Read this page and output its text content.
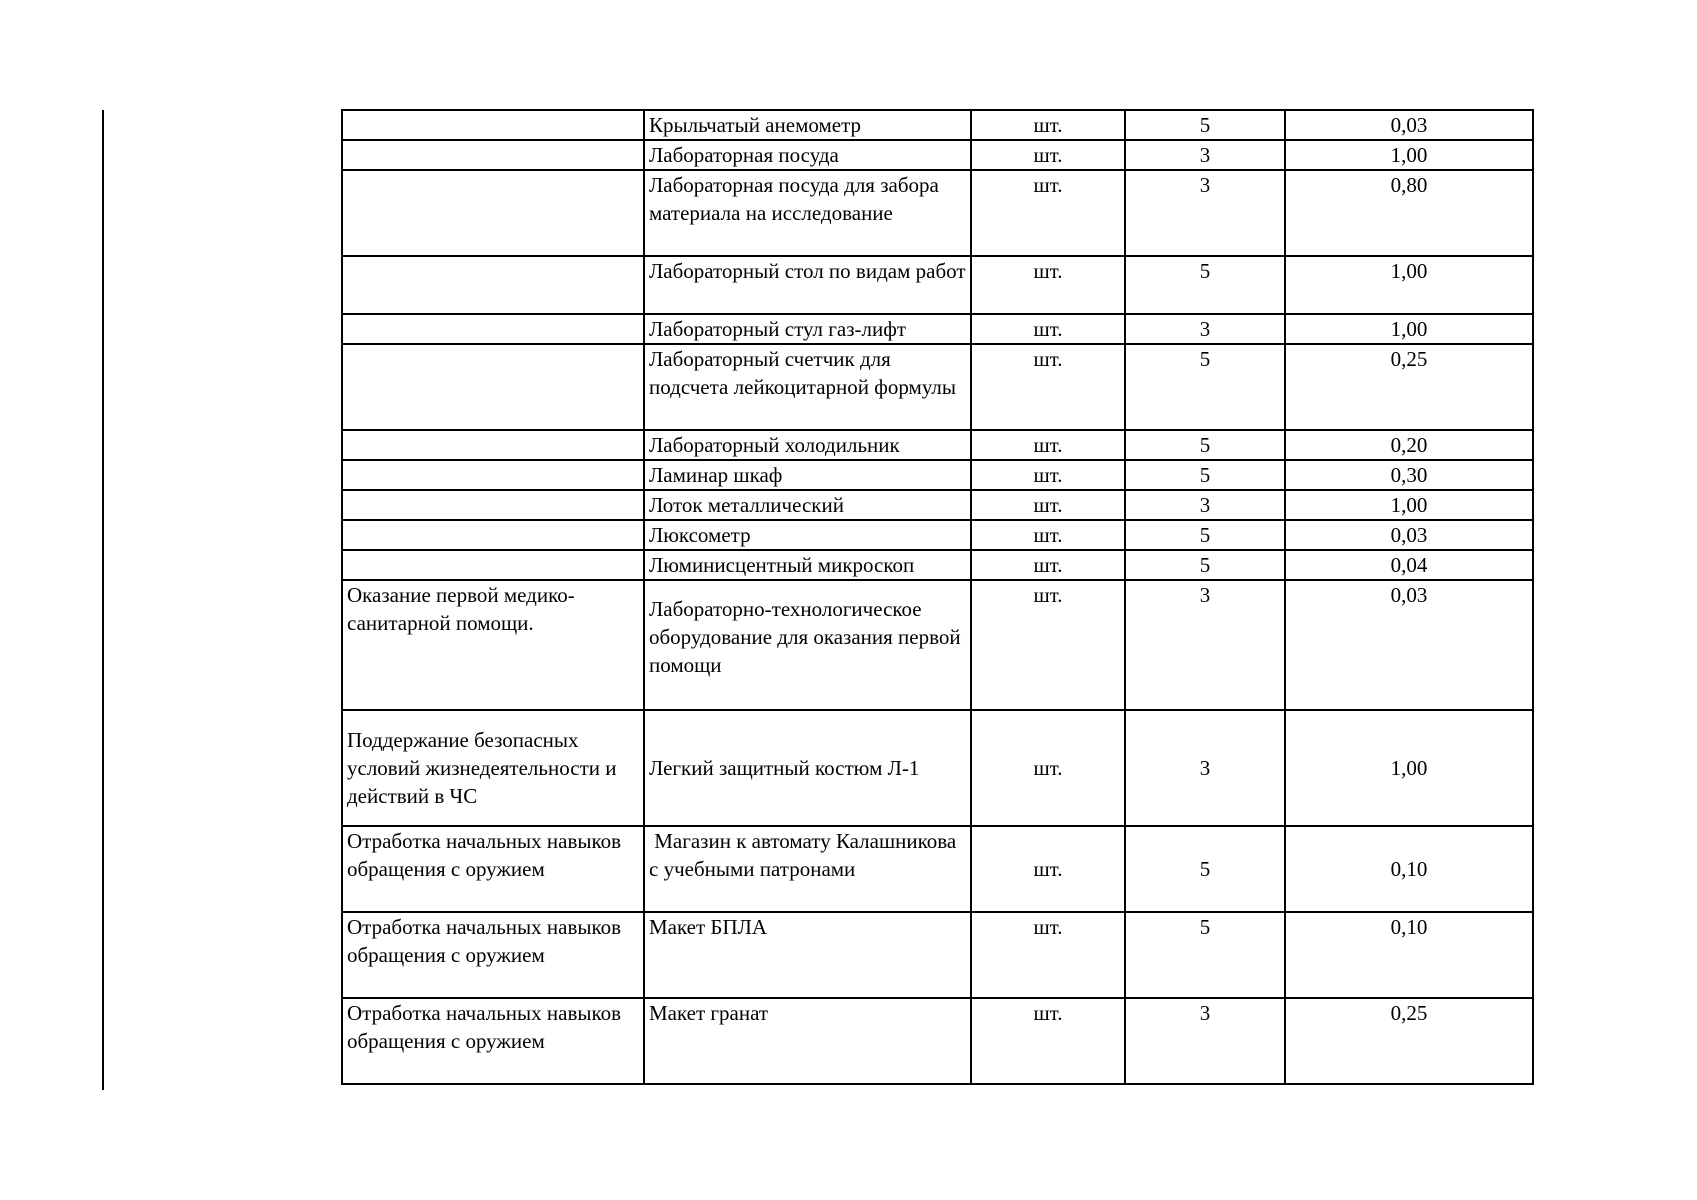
	Крыльчатый анемометр	шт.	5	0,03
	Лабораторная посуда	шт.	3	1,00
	Лабораторная посуда для забора материала на исследование	шт.	3	0,80
	Лабораторный стол по видам работ	шт.	5	1,00
	Лабораторный стул газ-лифт	шт.	3	1,00
	Лабораторный счетчик для подсчета лейкоцитарной формулы	шт.	5	0,25
	Лабораторный холодильник	шт.	5	0,20
	Ламинар шкаф	шт.	5	0,30
	Лоток металлический	шт.	3	1,00
	Люксометр	шт.	5	0,03
	Люминисцентный микроскоп	шт.	5	0,04
Оказание первой медико-санитарной помощи.	Лабораторно-технологическое оборудование для оказания первой помощи	шт.	3	0,03
Поддержание безопасных условий жизнедеятельности и действий в ЧС	Легкий защитный костюм Л-1	шт.	3	1,00
Отработка начальных навыков обращения с оружием	Магазин к автомату Калашникова с учебными патронами	шт.	5	0,10
Отработка начальных навыков обращения с оружием	Макет БПЛА	шт.	5	0,10
Отработка начальных навыков обращения с оружием	Макет гранат	шт.	3	0,25
